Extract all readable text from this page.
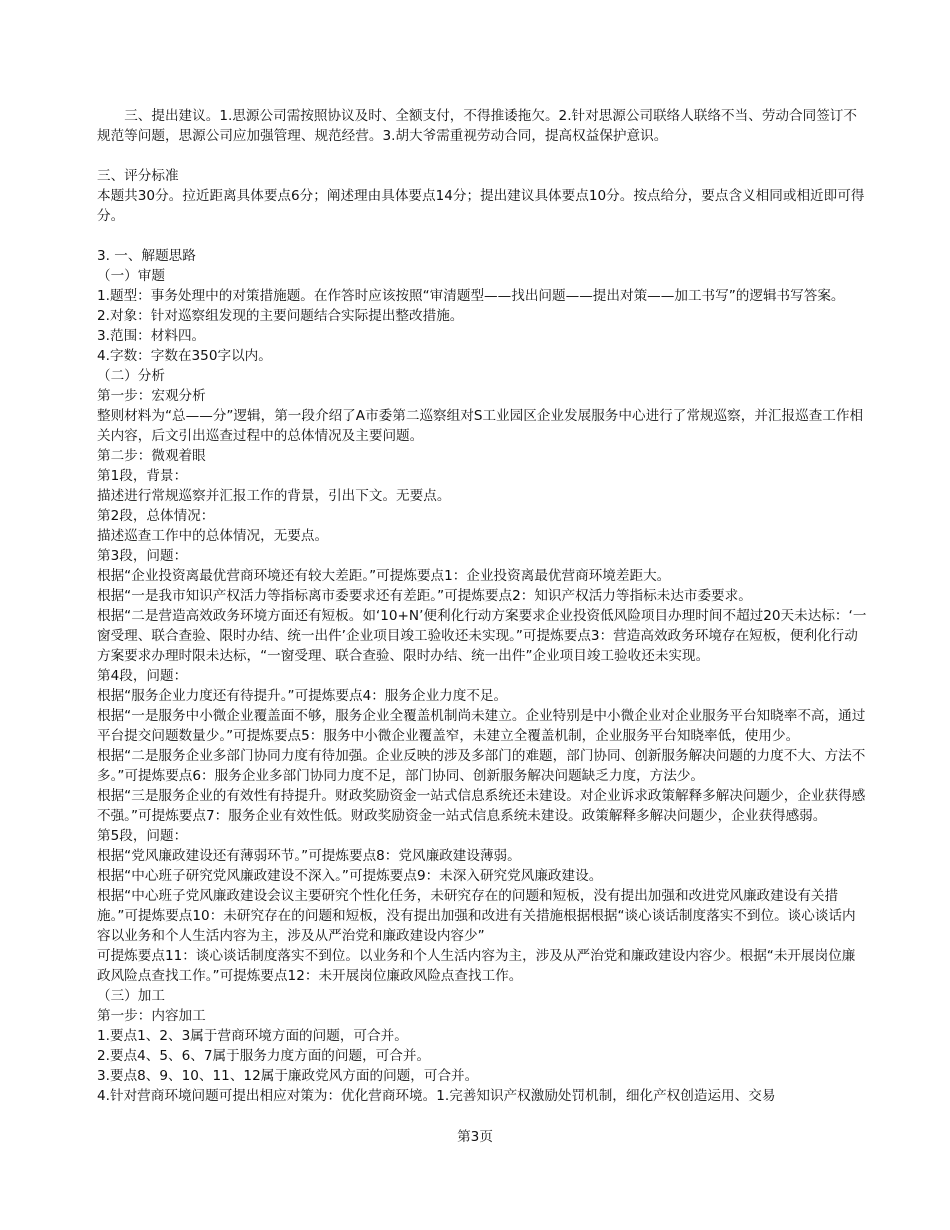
三、提出建议。1.思源公司需按照协议及时、全额支付，不得推诿拖欠。2.针对思源公司联络人联络不当、劳动合同签订不规范等问题，思源公司应加强管理、规范经营。3.胡大爷需重视劳动合同，提高权益保护意识。

三、评分标准

本题共30分。拉近距离具体要点6分；阐述理由具体要点14分；提出建议具体要点10分。按点给分，要点含义相同或相近即可得分。

3. 一、解题思路

（一）审题

1.题型：事务处理中的对策措施题。在作答时应该按照“审清题型——找出问题——提出对策——加工书写”的逻辑书写答案。

2.对象：针对巡察组发现的主要问题结合实际提出整改措施。

3.范围：材料四。

4.字数：字数在350字以内。

（二）分析

第一步：宏观分析

整则材料为“总——分”逻辑，第一段介绍了A市委第二巡察组对S工业园区企业发展服务中心进行了常规巡察，并汇报巡查工作相关内容，后文引出巡查过程中的总体情况及主要问题。

第二步：微观着眼

第1段，背景：

描述进行常规巡察并汇报工作的背景，引出下文。无要点。

第2段，总体情况：

描述巡查工作中的总体情况，无要点。

第3段，问题：

根据“企业投资离最优营商环境还有较大差距。”可提炼要点1：企业投资离最优营商环境差距大。

根据“一是我市知识产权活力等指标离市委要求还有差距。”可提炼要点2：知识产权活力等指标未达市委要求。

根据“二是营造高效政务环境方面还有短板。如‘10+N’便利化行动方案要求企业投资低风险项目办理时间不超过20天未达标：‘一窗受理、联合查验、限时办结、统一出件’企业项目竣工验收还未实现。”可提炼要点3：营造高效政务环境存在短板，便利化行动方案要求办理时限未达标，“一窗受理、联合查验、限时办结、统一出件”企业项目竣工验收还未实现。

第4段，问题：

根据“服务企业力度还有待提升。”可提炼要点4：服务企业力度不足。

根据“一是服务中小微企业覆盖面不够，服务企业全覆盖机制尚未建立。企业特别是中小微企业对企业服务平台知晓率不高，通过平台提交问题数量少。”可提炼要点5：服务中小微企业覆盖窄，未建立全覆盖机制，企业服务平台知晓率低，使用少。

根据“二是服务企业多部门协同力度有待加强。企业反映的涉及多部门的难题，部门协同、创新服务解决问题的力度不大、方法不多。”可提炼要点6：服务企业多部门协同力度不足，部门协同、创新服务解决问题缺乏力度，方法少。

根据“三是服务企业的有效性有持提升。财政奖励资金一站式信息系统还未建设。对企业诉求政策解释多解决问题少，企业获得感不强。”可提炼要点7：服务企业有效性低。财政奖励资金一站式信息系统未建设。政策解释多解决问题少，企业获得感弱。

第5段，问题：

根据“党风廉政建设还有薄弱环节。”可提炼要点8：党风廉政建设薄弱。

根据“中心班子研究党风廉政建设不深入。”可提炼要点9：未深入研究党风廉政建设。

根据“中心班子党风廉政建设会议主要研究个性化任务，未研究存在的问题和短板，没有提出加强和改进党风廉政建设有关措施。”可提炼要点10：未研究存在的问题和短板，没有提出加强和改进有关措施根据根据“谈心谈话制度落实不到位。谈心谈话内容以业务和个人生活内容为主，涉及从严治党和廉政建设内容少”

可提炼要点11：谈心谈话制度落实不到位。以业务和个人生活内容为主，涉及从严治党和廉政建设内容少。根据“未开展岗位廉政风险点查找工作。”可提炼要点12：未开展岗位廉政风险点查找工作。

（三）加工

第一步：内容加工

1.要点1、2、3属于营商环境方面的问题，可合并。

2.要点4、5、6、7属于服务力度方面的问题，可合并。

3.要点8、9、10、11、12属于廉政党风方面的问题，可合并。

4.针对营商环境问题可提出相应对策为：优化营商环境。1.完善知识产权激励处罚机制，细化产权创造运用、交易

第3页
